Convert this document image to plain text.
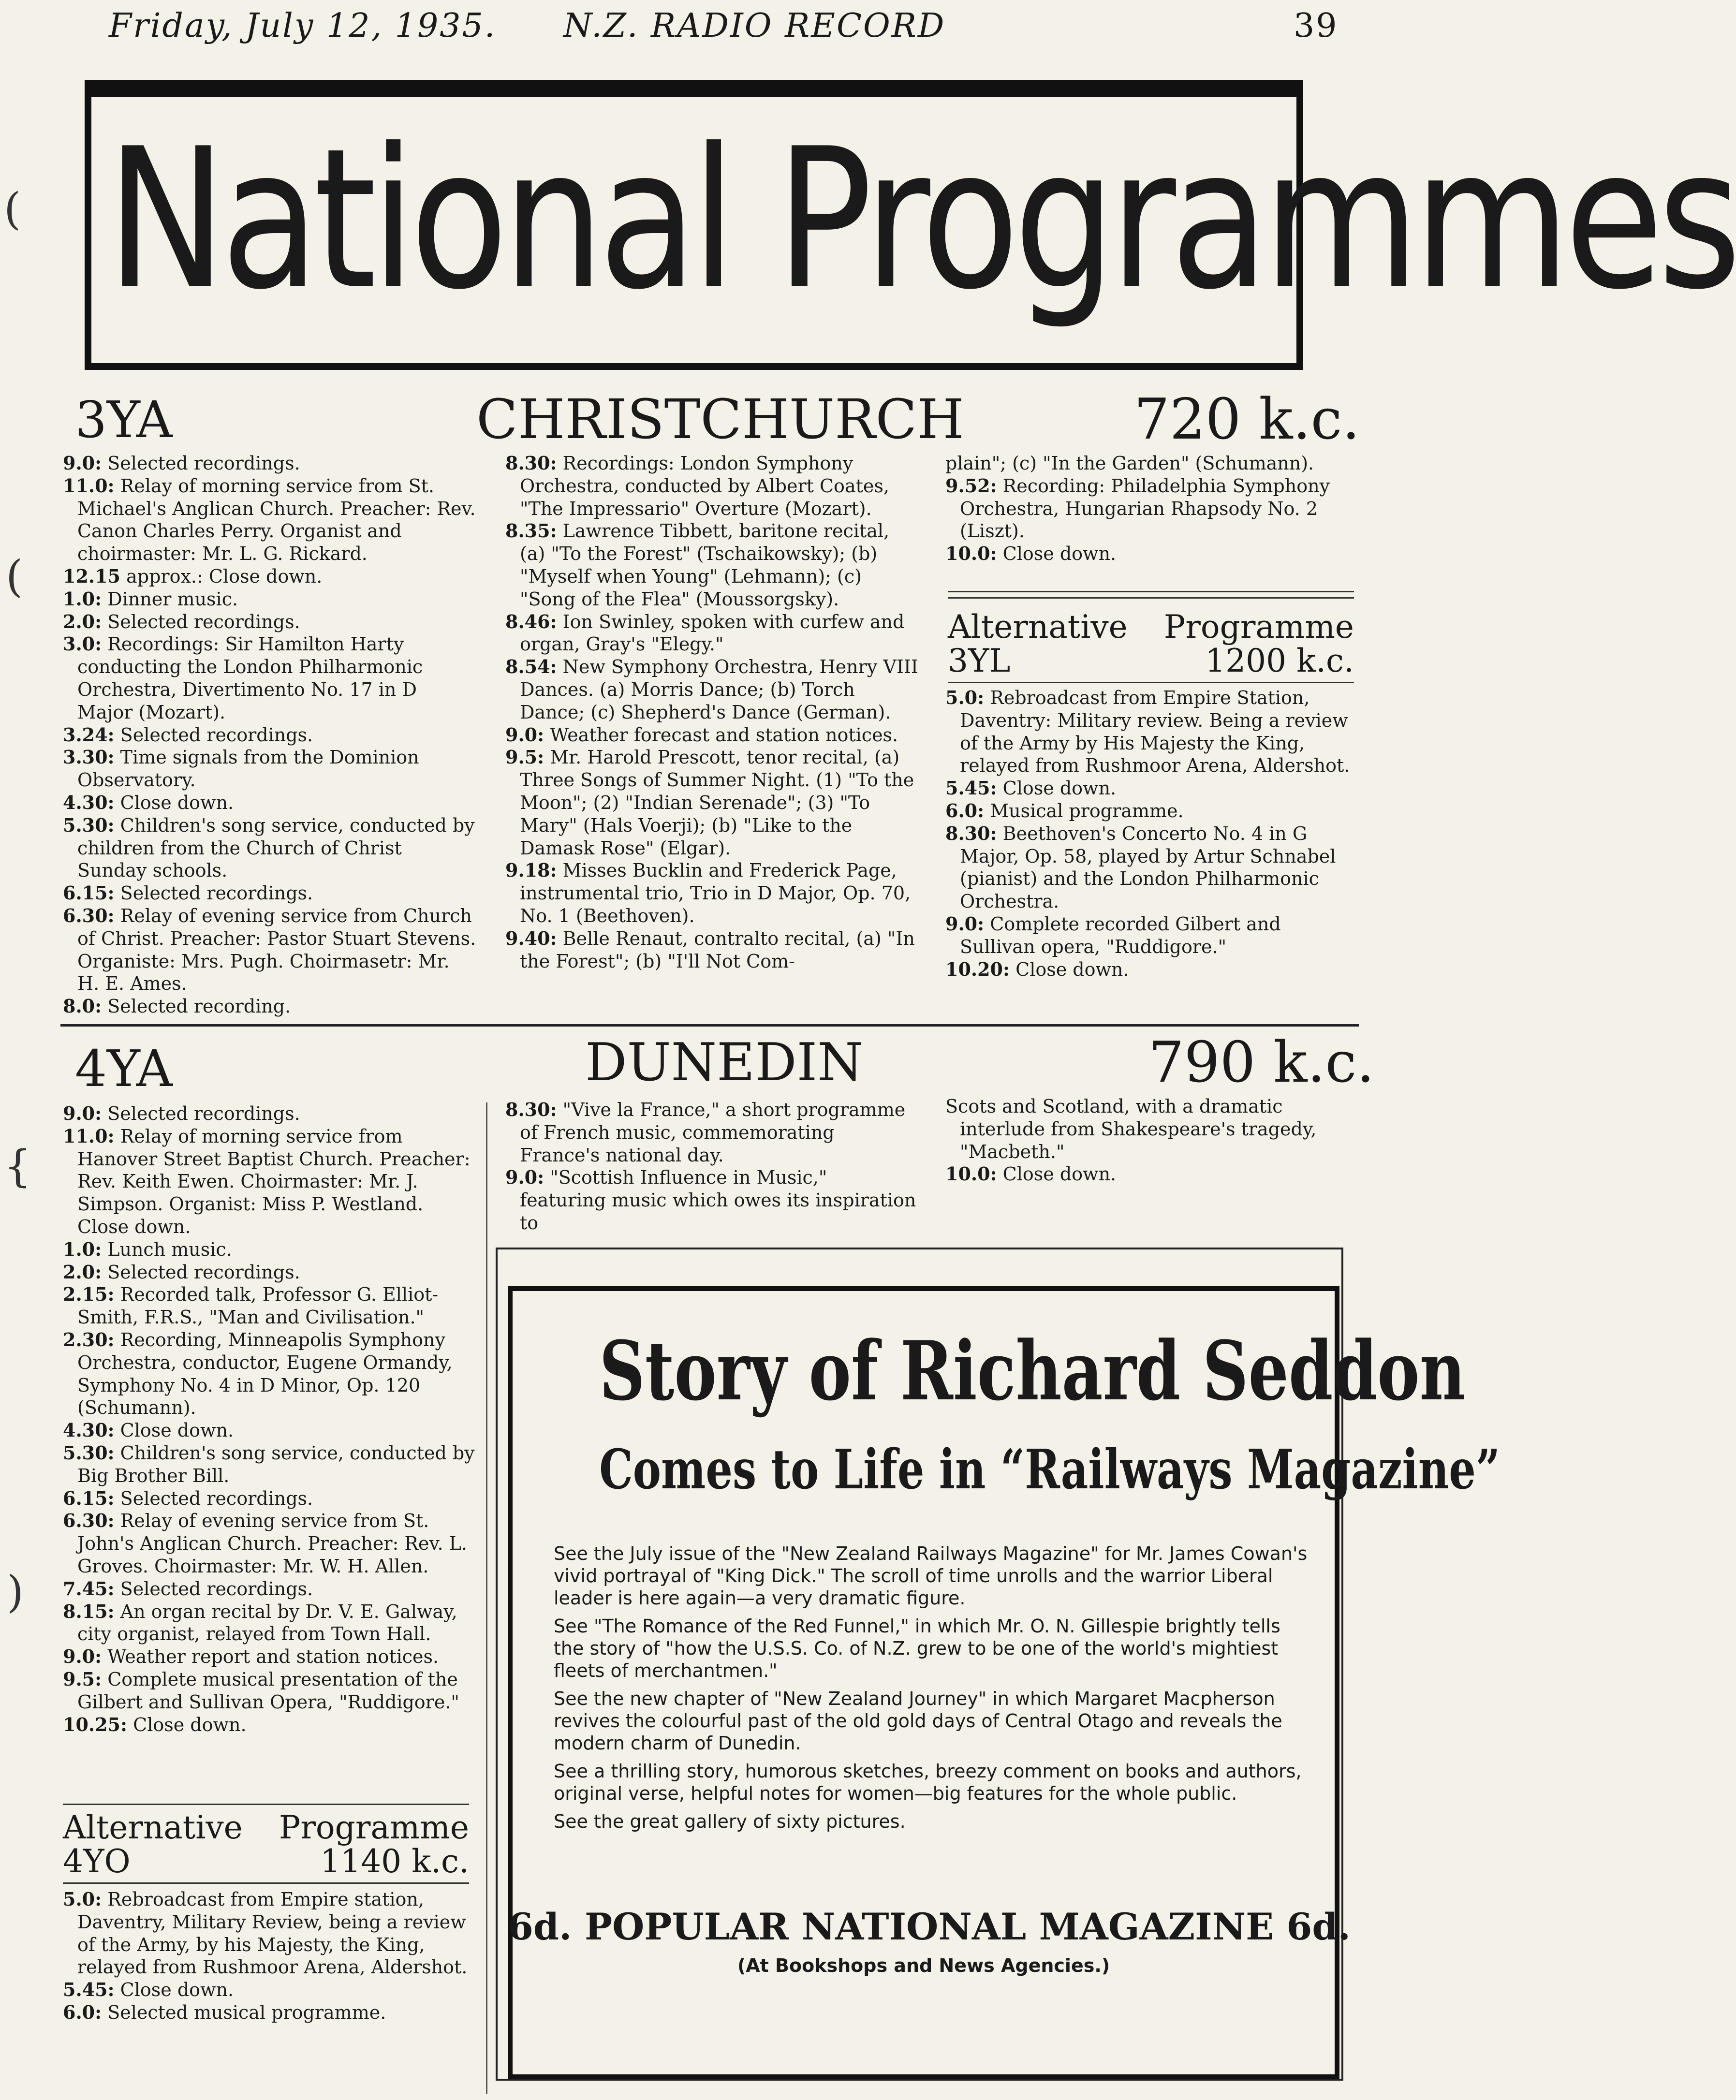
Friday, July 12, 1935. N.Z. RADIO RECORD	39
National Programmes
(
(
{
)
3YA	CHRISTCHURCH	720 k.c.

9.0: Selected recordings.

11.0: Relay of morning service from St. Michael's Anglican Church. Preacher: Rev. Canon Charles Perry. Organist and choirmaster: Mr. L. G. Rickard.

12.15 approx.: Close down.

1.0: Dinner music.

2.0: Selected recordings.

3.0: Recordings: Sir Hamilton Harty conducting the London Philharmonic Orchestra, Divertimento No. 17 in D Major (Mozart).

3.24: Selected recordings.

3.30: Time signals from the Dominion Observatory.

4.30: Close down.

5.30: Children's song service, conducted by children from the Church of Christ Sunday schools.

6.15: Selected recordings.

6.30: Relay of evening service from Church of Christ. Preacher: Pastor Stuart Stevens. Organiste: Mrs. Pugh. Choirmasetr: Mr. H. E. Ames.

8.0: Selected recording.

8.30: Recordings: London Symphony Orchestra, conducted by Albert Coates, "The Impressario" Overture (Mozart).

8.35: Lawrence Tibbett, baritone recital, (a) "To the Forest" (Tschaikowsky); (b) "Myself when Young" (Lehmann); (c) "Song of the Flea" (Moussorgsky).

8.46: Ion Swinley, spoken with curfew and organ, Gray's "Elegy."

8.54: New Symphony Orchestra, Henry VIII Dances. (a) Morris Dance; (b) Torch Dance; (c) Shepherd's Dance (German).

9.0: Weather forecast and station notices.

9.5: Mr. Harold Prescott, tenor recital, (a) Three Songs of Summer Night. (1) "To the Moon"; (2) "Indian Serenade"; (3) "To Mary" (Hals Voerji); (b) "Like to the Damask Rose" (Elgar).

9.18: Misses Bucklin and Frederick Page, instrumental trio, Trio in D Major, Op. 70, No. 1 (Beethoven).

9.40: Belle Renaut, contralto recital, (a) "In the Forest"; (b) "I'll Not Com-

plain"; (c) "In the Garden" (Schumann).

9.52: Recording: Philadelphia Symphony Orchestra, Hungarian Rhapsody No. 2 (Liszt).

10.0: Close down.

Alternative Programme
3YL	1200 k.c.

5.0: Rebroadcast from Empire Station, Daventry: Military review. Being a review of the Army by His Majesty the King, relayed from Rushmoor Arena, Aldershot.

5.45: Close down.

6.0: Musical programme.

8.30: Beethoven's Concerto No. 4 in G Major, Op. 58, played by Artur Schnabel (pianist) and the London Philharmonic Orchestra.

9.0: Complete recorded Gilbert and Sullivan opera, "Ruddigore."

10.20: Close down.

4YA	DUNEDIN	790 k.c.

9.0: Selected recordings.

11.0: Relay of morning service from Hanover Street Baptist Church. Preacher: Rev. Keith Ewen. Choirmaster: Mr. J. Simpson. Organist: Miss P. Westland. Close down.

1.0: Lunch music.

2.0: Selected recordings.

2.15: Recorded talk, Professor G. Elliot-Smith, F.R.S., "Man and Civilisation."

2.30: Recording, Minneapolis Symphony Orchestra, conductor, Eugene Ormandy, Symphony No. 4 in D Minor, Op. 120 (Schumann).

4.30: Close down.

5.30: Children's song service, conducted by Big Brother Bill.

6.15: Selected recordings.

6.30: Relay of evening service from St. John's Anglican Church. Preacher: Rev. L. Groves. Choirmaster: Mr. W. H. Allen.

7.45: Selected recordings.

8.15: An organ recital by Dr. V. E. Galway, city organist, relayed from Town Hall.

9.0: Weather report and station notices.

9.5: Complete musical presentation of the Gilbert and Sullivan Opera, "Ruddigore."

10.25: Close down.

8.30: "Vive la France," a short programme of French music, commemorating France's national day.

9.0: "Scottish Influence in Music," featuring music which owes its inspiration to

Scots and Scotland, with a dramatic interlude from Shakespeare's tragedy, "Macbeth."

10.0: Close down.

Alternative Programme
4YO	1140 k.c.

5.0: Rebroadcast from Empire station, Daventry, Military Review, being a review of the Army, by his Majesty, the King, relayed from Rushmoor Arena, Aldershot.

5.45: Close down.

6.0: Selected musical programme.

Story of Richard Seddon
Comes to Life in “Railways Magazine”

See the July issue of the "New Zealand Railways Magazine" for Mr. James Cowan's vivid portrayal of "King Dick." The scroll of time unrolls and the warrior Liberal leader is here again—a very dramatic figure.

See "The Romance of the Red Funnel," in which Mr. O. N. Gillespie brightly tells the story of "how the U.S.S. Co. of N.Z. grew to be one of the world's mightiest fleets of merchantmen."

See the new chapter of "New Zealand Journey" in which Margaret Macpherson revives the colourful past of the old gold days of Central Otago and reveals the modern charm of Dunedin.

See a thrilling story, humorous sketches, breezy comment on books and authors, original verse, helpful notes for women—big features for the whole public.

See the great gallery of sixty pictures.

6d. POPULAR NATIONAL MAGAZINE 6d.
(At Bookshops and News Agencies.)
